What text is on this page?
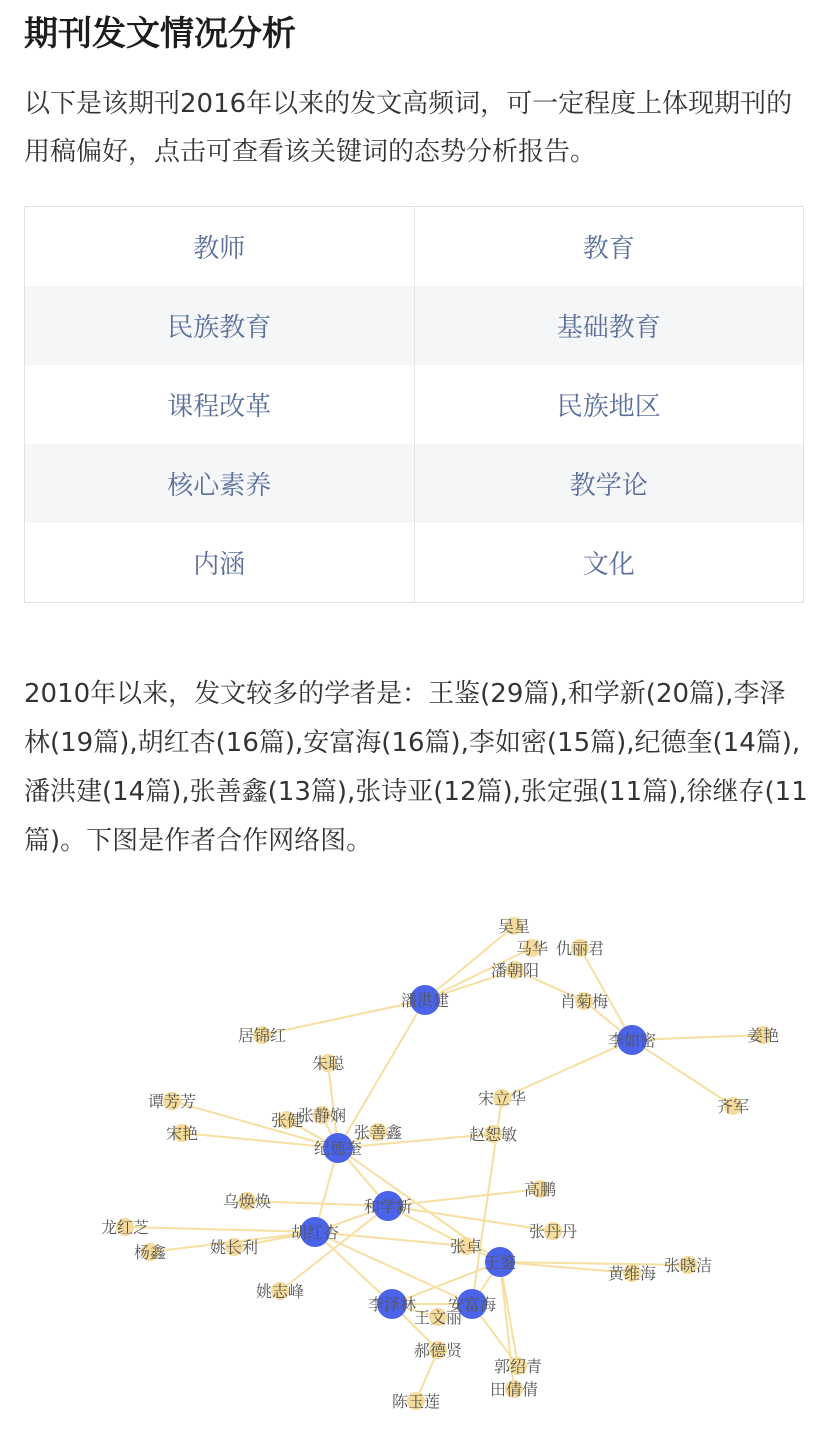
期刊发文情况分析
以下是该期刊2016年以来的发文高频词，可一定程度上体现期刊的用稿偏好，点击可查看该关键词的态势分析报告。
教师	教育
民族教育	基础教育
课程改革	民族地区
核心素养	教学论
内涵	文化
2010年以来，发文较多的学者是：王鉴(29篇),和学新(20篇),李泽林(19篇),胡红杏(16篇),安富海(16篇),李如密(15篇),纪德奎(14篇),潘洪建(14篇),张善鑫(13篇),张诗亚(12篇),张定强(11篇),徐继存(11篇)。下图是作者合作网络图。
吴星
马华 仇丽君
潘朝阳
肖菊梅
姜艳
齐军
居锦红
朱聪
谭芳芳
宋艳
张健
张静娴
张善鑫	赵恕敏
宋立华
乌焕焕
高鹏
张丹丹
龙红芝
杨鑫	姚长利	张卓
黄维海 张晓洁
姚志峰
王文丽
郝德贤
郭绍青
田倩倩
陈玉莲
潘洪建
李如密
纪德奎
和学新
胡红杏
王鉴
李泽林 安富海
